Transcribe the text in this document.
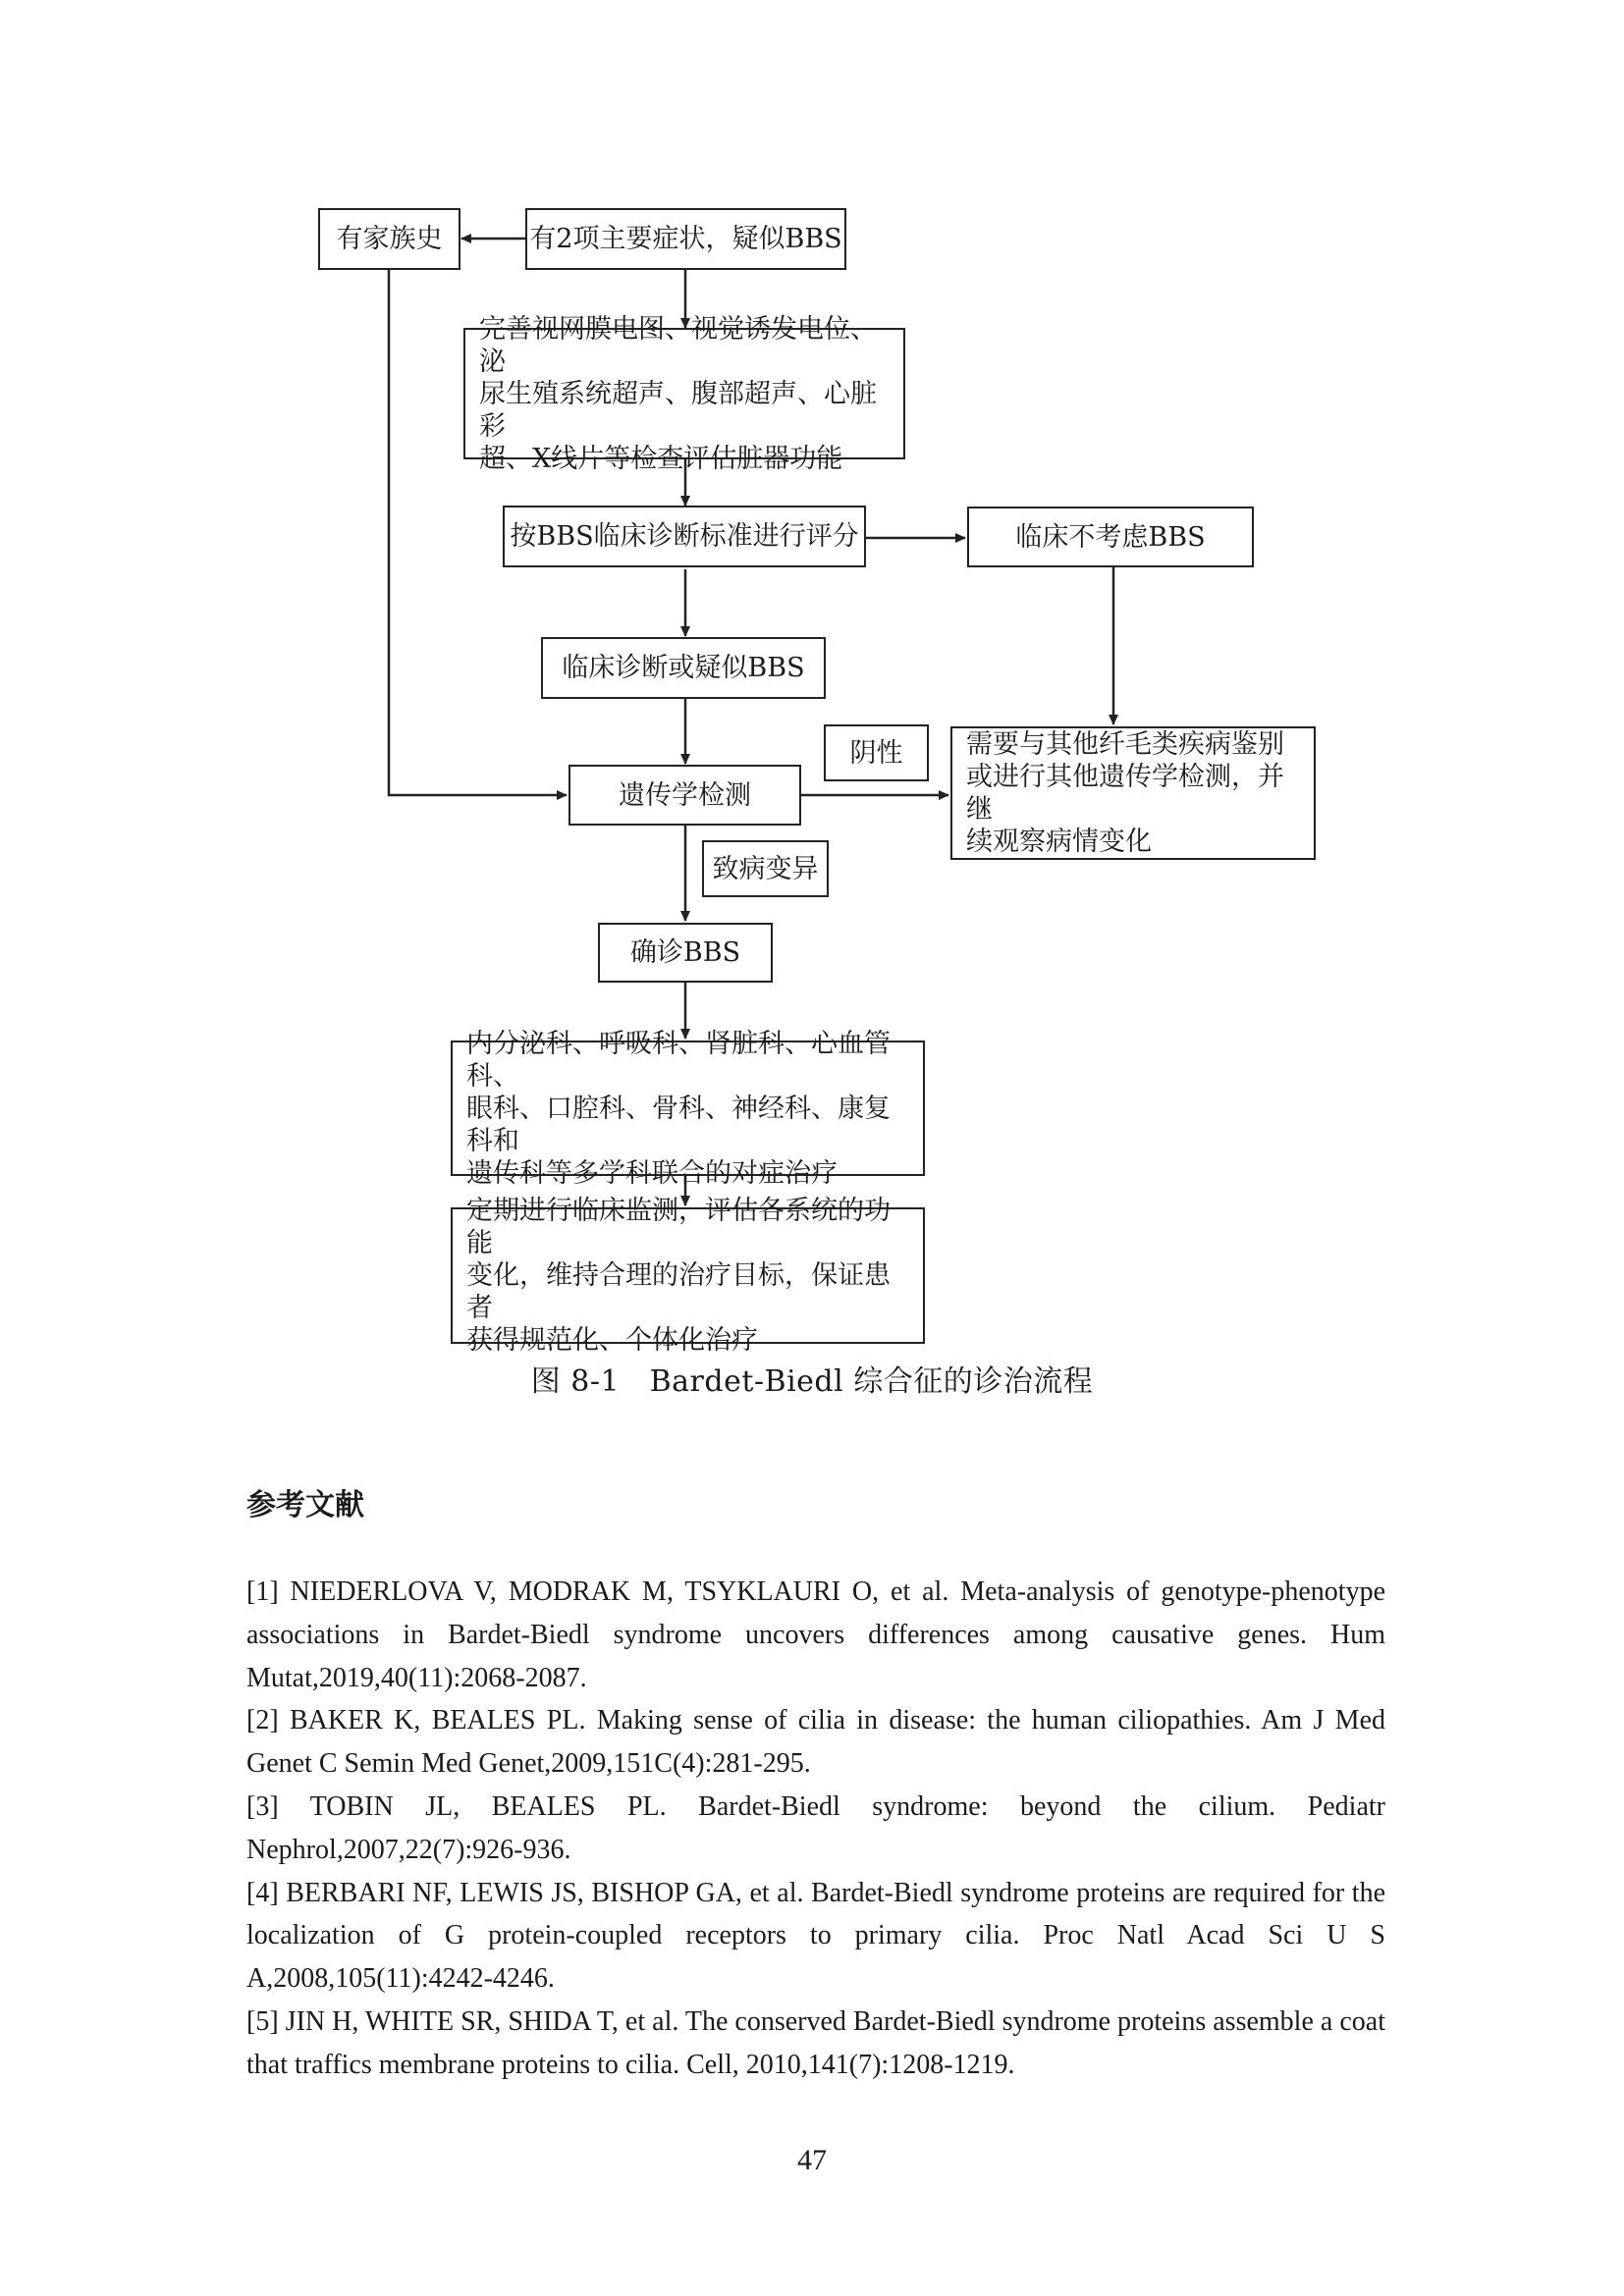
有家族史	有2项主要症状，疑似BBS
完善视网膜电图、视觉诱发电位、泌
尿生殖系统超声、腹部超声、心脏彩
超、X线片等检查评估脏器功能
按BBS临床诊断标准进行评分	临床不考虑BBS
临床诊断或疑似BBS
遗传学检测
阴性 需要与其他纤毛类疾病鉴别
或进行其他遗传学检测，并继
续观察病情变化
致病变异
确诊BBS
内分泌科、呼吸科、肾脏科、心血管科、
眼科、口腔科、骨科、神经科、康复科和
遗传科等多学科联合的对症治疗
定期进行临床监测，评估各系统的功能
变化，维持合理的治疗目标，保证患者
获得规范化、个体化治疗
图 8-1　Bardet-Biedl 综合征的诊治流程
参考文献

[1] NIEDERLOVA V, MODRAK M, TSYKLAURI O, et al. Meta-analysis of genotype-phenotype associations in Bardet-Biedl syndrome uncovers differences among causative genes. Hum Mutat,2019,40(11):2068-2087.

[2] BAKER K, BEALES PL. Making sense of cilia in disease: the human ciliopathies. Am J Med Genet C Semin Med Genet,2009,151C(4):281-295.

[3] TOBIN JL, BEALES PL. Bardet-Biedl syndrome: beyond the cilium. Pediatr Nephrol,2007,22(7):926-936.

[4] BERBARI NF, LEWIS JS, BISHOP GA, et al. Bardet-Biedl syndrome proteins are required for the localization of G protein-coupled receptors to primary cilia. Proc Natl Acad Sci U S A,2008,105(11):4242-4246.

[5] JIN H, WHITE SR, SHIDA T, et al. The conserved Bardet-Biedl syndrome proteins assemble a coat that traffics membrane proteins to cilia. Cell, 2010,141(7):1208-1219.

47
